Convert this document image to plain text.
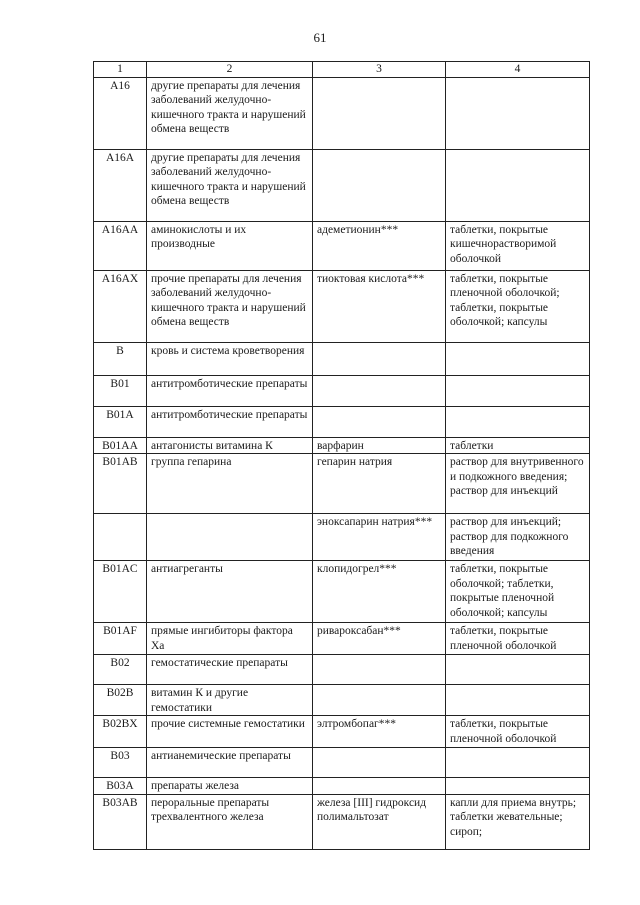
61
1	2	3	4
A16	другие препараты для лечения заболеваний желудочно-кишечного тракта и нарушений обмена веществ		
A16A	другие препараты для лечения заболеваний желудочно-кишечного тракта и нарушений обмена веществ		
A16AA	аминокислоты и их производные	адеметионин***	таблетки, покрытые кишечнорастворимой оболочкой
A16AX	прочие препараты для лечения заболеваний желудочно-кишечного тракта и нарушений обмена веществ	тиоктовая кислота***	таблетки, покрытые пленочной оболочкой; таблетки, покрытые оболочкой; капсулы
B	кровь и система кроветворения		
B01	антитромботические препараты		
B01A	антитромботические препараты		
B01AA	антагонисты витамина К	варфарин	таблетки
B01AB	группа гепарина	гепарин натрия	раствор для внутривенного и подкожного введения; раствор для инъекций
		эноксапарин натрия***	раствор для инъекций; раствор для подкожного введения
B01AC	антиагреганты	клопидогрел***	таблетки, покрытые оболочкой; таблетки, покрытые пленочной оболочкой; капсулы
B01AF	прямые ингибиторы фактора Ха	ривароксабан***	таблетки, покрытые пленочной оболочкой
B02	гемостатические препараты		
B02B	витамин К и другие гемостатики		
B02BX	прочие системные гемостатики	элтромбопаг***	таблетки, покрытые пленочной оболочкой
B03	антианемические препараты		
B03A	препараты железа		
B03AB	пероральные препараты трехвалентного железа	железа [III] гидроксид полимальтозат	капли для приема внутрь; таблетки жевательные; сироп;
